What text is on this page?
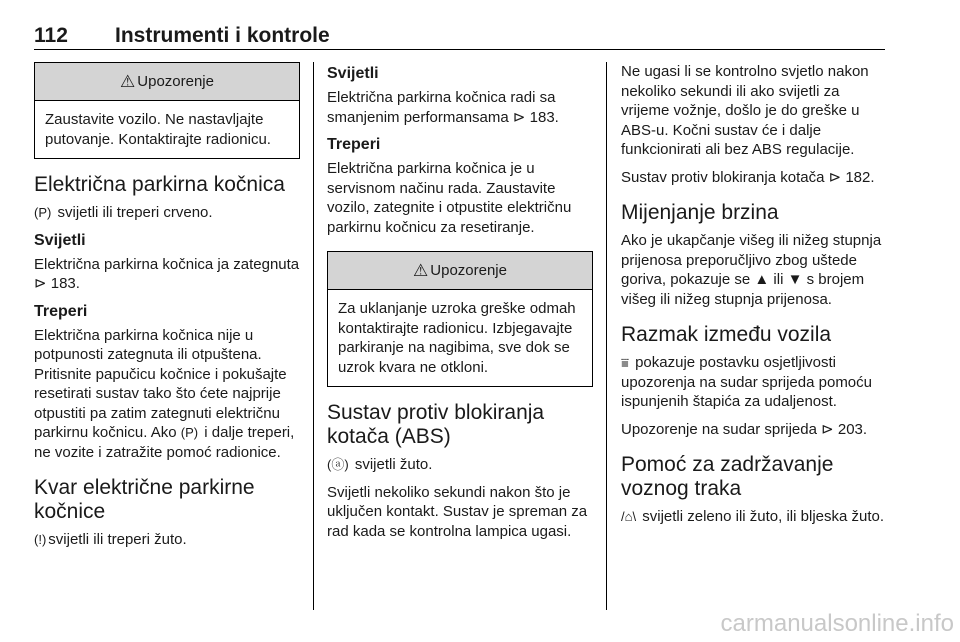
112 Instrumenti i kontrole
⚠ Upozorenje
Zaustavite vozilo. Ne nastavljajte putovanje. Kontaktirajte radionicu.
Električna parkirna kočnica

(P) svijetli ili treperi crveno.

Svijetli

Električna parkirna kočnica ja zategnuta ⊳ 183.

Treperi

Električna parkirna kočnica nije u potpunosti zategnuta ili otpuštena. Pritisnite papučicu kočnice i pokušajte resetirati sustav tako što ćete najprije otpustiti pa zatim zategnuti električnu parkirnu kočnicu. Ako (P) i dalje treperi, ne vozite i zatražite pomoć radionice.

Kvar električne parkirne kočnice

(!) svijetli ili treperi žuto.

Svijetli

Električna parkirna kočnica radi sa smanjenim performansama ⊳ 183.

Treperi

Električna parkirna kočnica je u servisnom načinu rada. Zaustavite vozilo, zategnite i otpustite električnu parkirnu kočnicu za resetiranje.

⚠ Upozorenje
Za uklanjanje uzroka greške odmah kontaktirajte radionicu. Izbjegavajte parkiranje na nagibima, sve dok se uzrok kvara ne otkloni.
Sustav protiv blokiranja kotača (ABS)

(ⓐ) svijetli žuto.

Svijetli nekoliko sekundi nakon što je uključen kontakt. Sustav je spreman za rad kada se kontrolna lampica ugasi.

Ne ugasi li se kontrolno svjetlo nakon nekoliko sekundi ili ako svijetli za vrijeme vožnje, došlo je do greške u ABS-u. Kočni sustav će i dalje funkcionirati ali bez ABS regulacije.

Sustav protiv blokiranja kotača ⊳ 182.

Mijenjanje brzina

Ako je ukapčanje višeg ili nižeg stupnja prijenosa preporučljivo zbog uštede goriva, pokazuje se ▲ ili ▼ s brojem višeg ili nižeg stupnja prijenosa.

Razmak između vozila

⩸ pokazuje postavku osjetljivosti upozorenja na sudar sprijeda pomoću ispunjenih štapića za udaljenost.

Upozorenje na sudar sprijeda ⊳ 203.

Pomoć za zadržavanje voznog traka

/⌂\ svijetli zeleno ili žuto, ili bljeska žuto.

carmanualsonline.info
